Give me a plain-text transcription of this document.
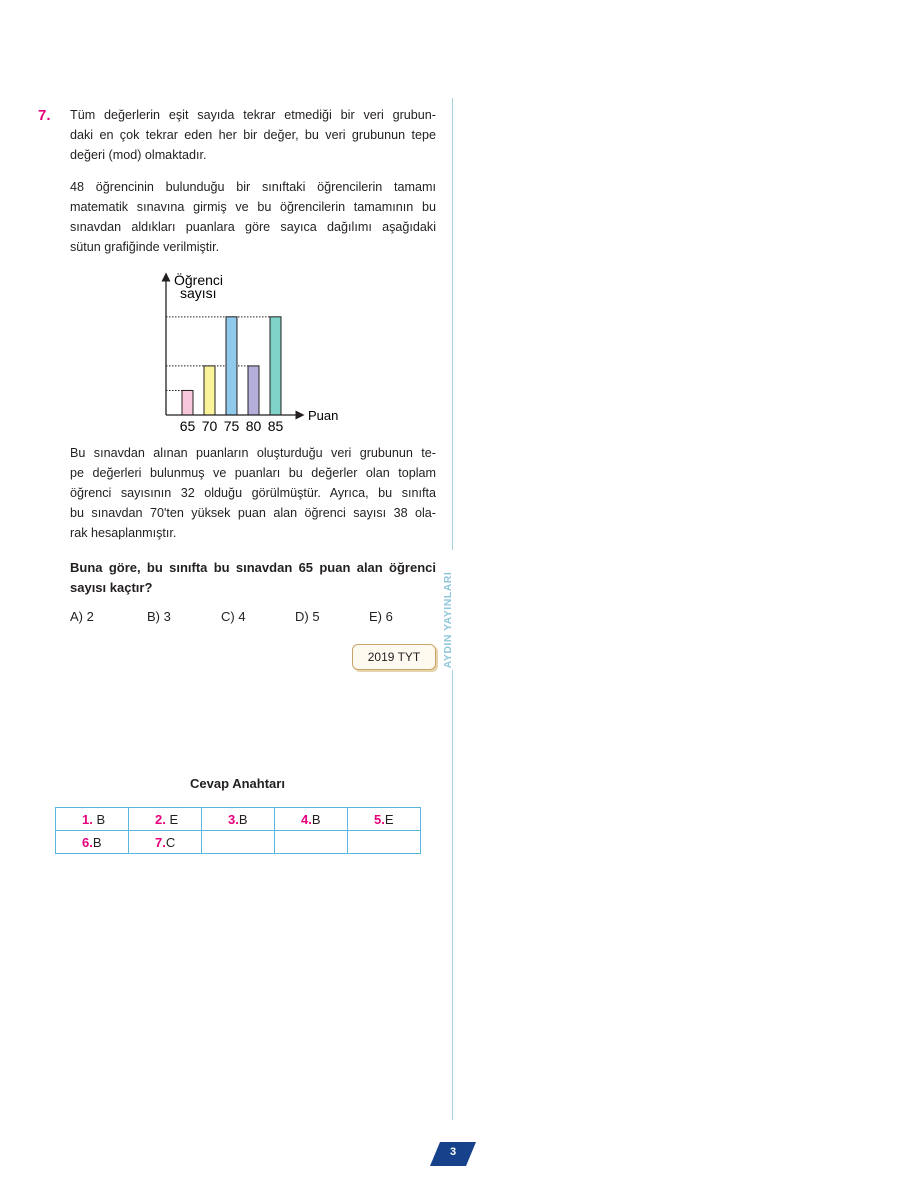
7. Tüm değerlerin eşit sayıda tekrar etmediği bir veri grubun-
daki en çok tekrar eden her bir değer, bu veri grubunun tepe
değeri (mod) olmaktadır.
48 öğrencinin bulunduğu bir sınıftaki öğrencilerin tamamı
matematik sınavına girmiş ve bu öğrencilerin tamamının bu
sınavdan aldıkları puanlara göre sayıca dağılımı aşağıdaki
sütun grafiğinde verilmiştir.
Öğrenci
sayısı
Puan
65 70 75 80 85
Bu sınavdan alınan puanların oluşturduğu veri grubunun te-
pe değerleri bulunmuş ve puanları bu değerler olan toplam
öğrenci sayısının 32 olduğu görülmüştür. Ayrıca, bu sınıfta
bu sınavdan 70'ten yüksek puan alan öğrenci sayısı 38 ola-
rak hesaplanmıştır.
Buna göre, bu sınıfta bu sınavdan 65 puan alan öğrenci
sayısı kaçtır?
A) 2	B) 3	C) 4	D) 5	E) 6
2019 TYT	AYDIN YAYINLARI
Cevap Anahtarı
1. B	2. E	3.B	4.B	5.E
6.B	7.C			
3
